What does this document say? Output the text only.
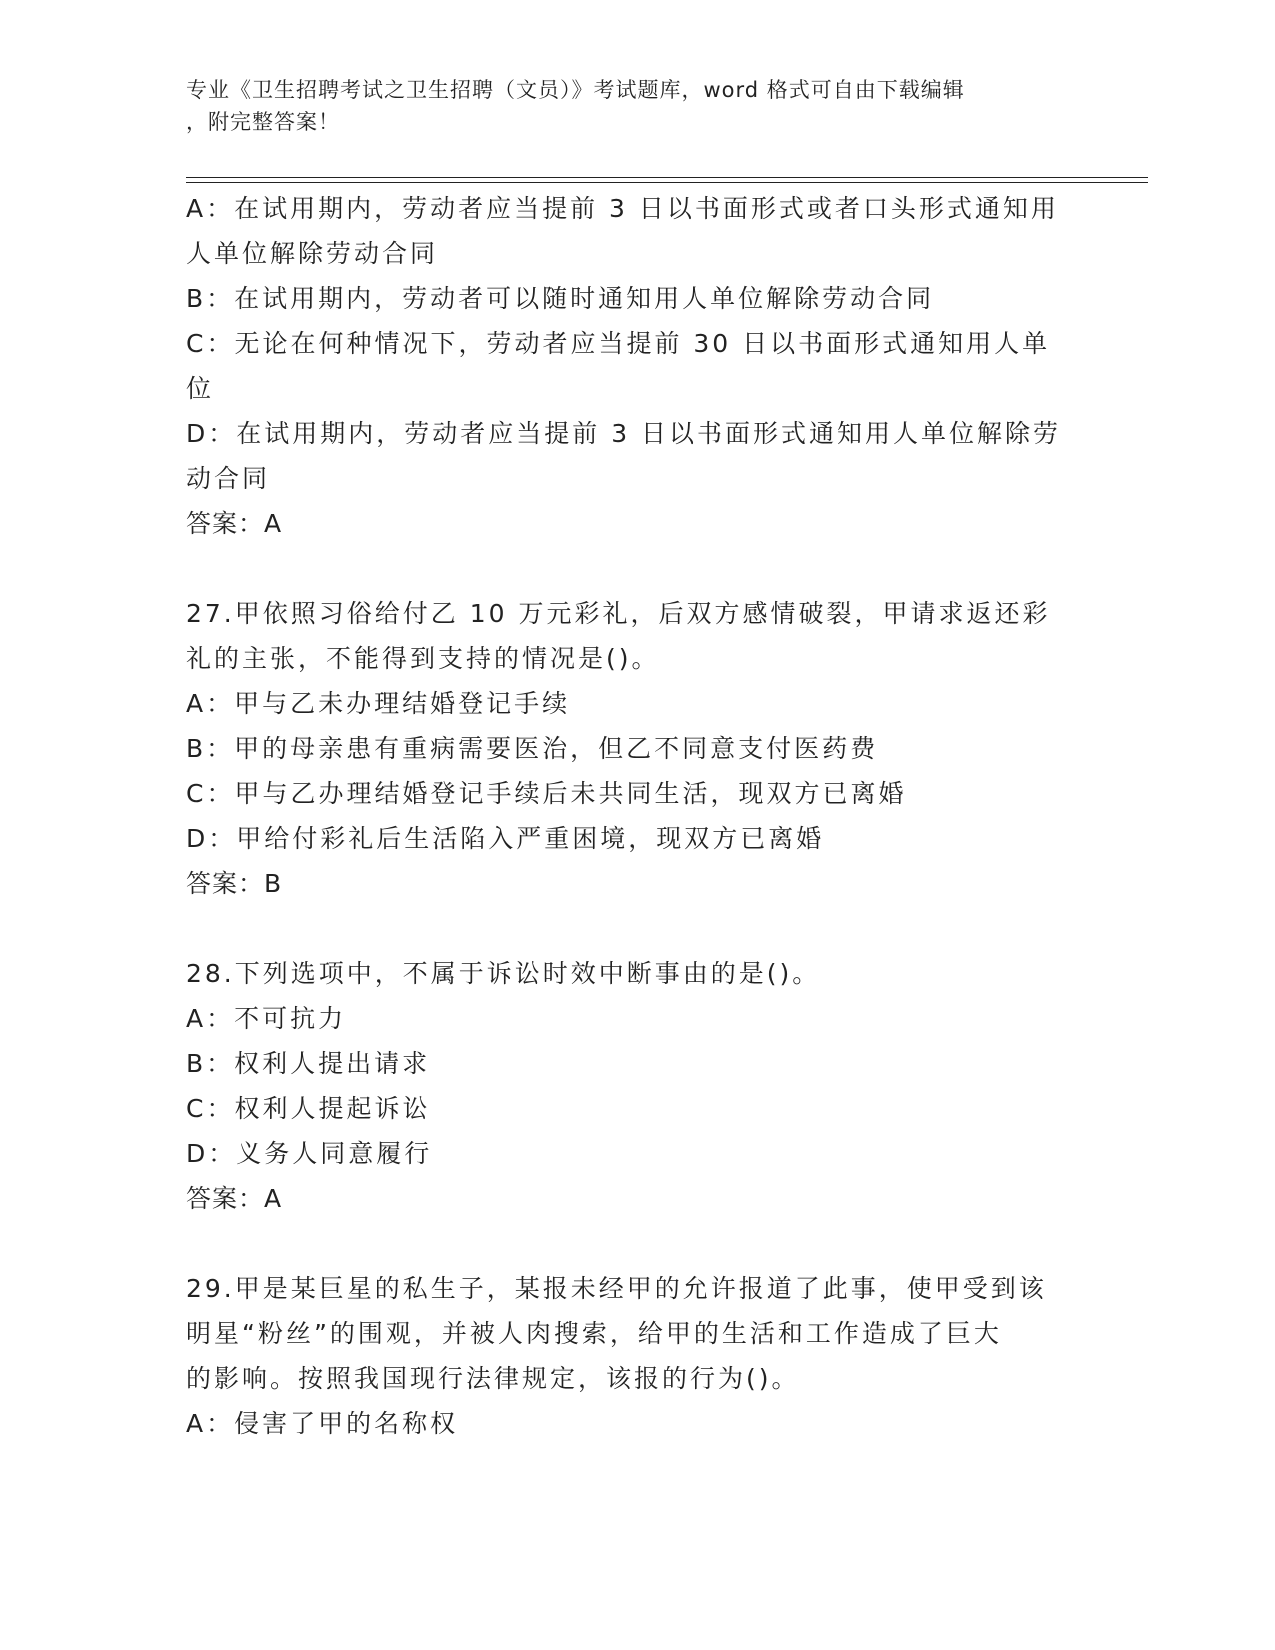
专业《卫生招聘考试之卫生招聘（文员）》考试题库，word 格式可自由下载编辑
，附完整答案！
A：在试用期内，劳动者应当提前 3 日以书面形式或者口头形式通知用
人单位解除劳动合同
B：在试用期内，劳动者可以随时通知用人单位解除劳动合同
C：无论在何种情况下，劳动者应当提前 30 日以书面形式通知用人单
位
D：在试用期内，劳动者应当提前 3 日以书面形式通知用人单位解除劳
动合同
答案：A
27.甲依照习俗给付乙 10 万元彩礼，后双方感情破裂，甲请求返还彩
礼的主张，不能得到支持的情况是()。
A：甲与乙未办理结婚登记手续
B：甲的母亲患有重病需要医治，但乙不同意支付医药费
C：甲与乙办理结婚登记手续后未共同生活，现双方已离婚
D：甲给付彩礼后生活陷入严重困境，现双方已离婚
答案：B
28.下列选项中，不属于诉讼时效中断事由的是()。
A：不可抗力
B：权利人提出请求
C：权利人提起诉讼
D：义务人同意履行
答案：A
29.甲是某巨星的私生子，某报未经甲的允许报道了此事，使甲受到该
明星“粉丝”的围观，并被人肉搜索，给甲的生活和工作造成了巨大
的影响。按照我国现行法律规定，该报的行为()。
A：侵害了甲的名称权
